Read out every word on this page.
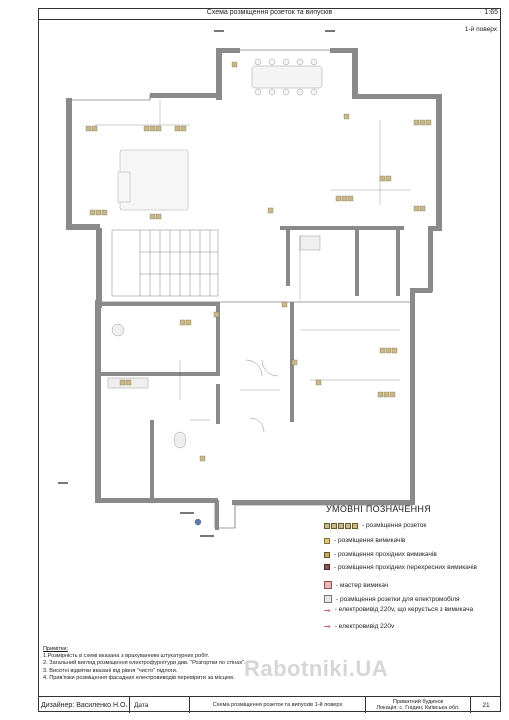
Схема розміщення розеток та випусків	1:65
1-й поверх
УМОВНІ ПОЗНАЧЕННЯ
- розміщення розеток
- розміщення вимикачів
- розміщення прохідних вимикачів
- розміщення прохідних перехресних вимикачів
- мастер вимикач
- розміщення розетки для електромобіля
⊸ - електровивід 220v, що керується з вимикача
⊸ - електровивід 220v
Примітки:
1.Розмірність в схемі вказана з врахуванням штукатурних робіт.
2. Загальний вигляд розміщення електрофурнітури див. "Розгортки по стінах".
3. Висотні відмітки вказані від рівня "чисто" підлоги.
4. Прив'язки розміщення фасадних електровиводів перевірити за місцем. Rabotniki.UA
Дизайнер: Василенко Н.О. Дата	Схема розміщення розеток та випусків 1-й поверх
Приватний будинок
Локація: с. Гнідин, Київська обл.	21
